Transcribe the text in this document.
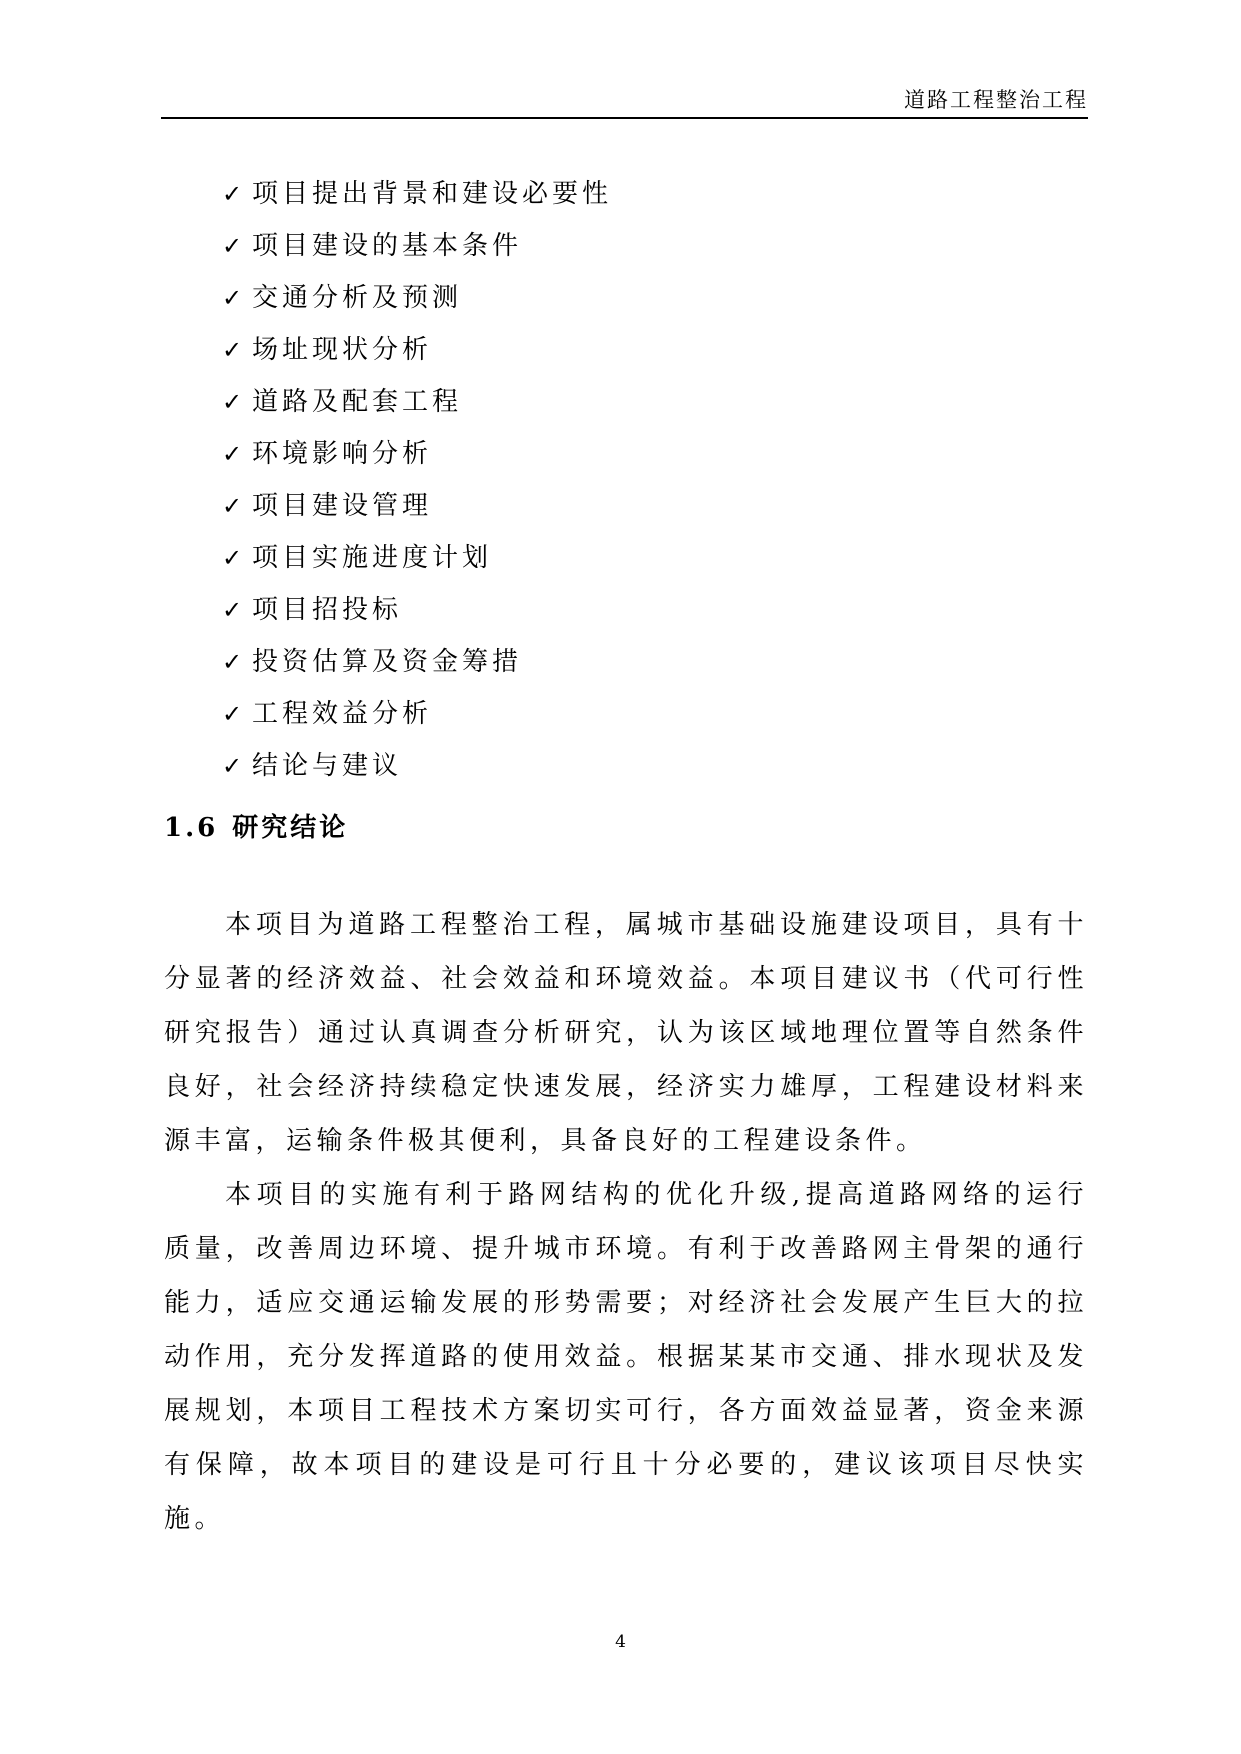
道路工程整治工程
✓ 项目提出背景和建设必要性
✓ 项目建设的基本条件
✓ 交通分析及预测
✓ 场址现状分析
✓ 道路及配套工程
✓ 环境影响分析
✓ 项目建设管理
✓ 项目实施进度计划
✓ 项目招投标
✓ 投资估算及资金筹措
✓ 工程效益分析
✓ 结论与建议
1.6 研究结论

本项目为道路工程整治工程，属城市基础设施建设项目，具有十分显著的经济效益、社会效益和环境效益。本项目建议书（代可行性研究报告）通过认真调查分析研究，认为该区域地理位置等自然条件良好，社会经济持续稳定快速发展，经济实力雄厚，工程建设材料来源丰富，运输条件极其便利，具备良好的工程建设条件。

本项目的实施有利于路网结构的优化升级,提高道路网络的运行质量，改善周边环境、提升城市环境。有利于改善路网主骨架的通行能力，适应交通运输发展的形势需要；对经济社会发展产生巨大的拉动作用，充分发挥道路的使用效益。根据某某市交通、排水现状及发展规划，本项目工程技术方案切实可行，各方面效益显著，资金来源有保障，故本项目的建设是可行且十分必要的，建议该项目尽快实施。

4
